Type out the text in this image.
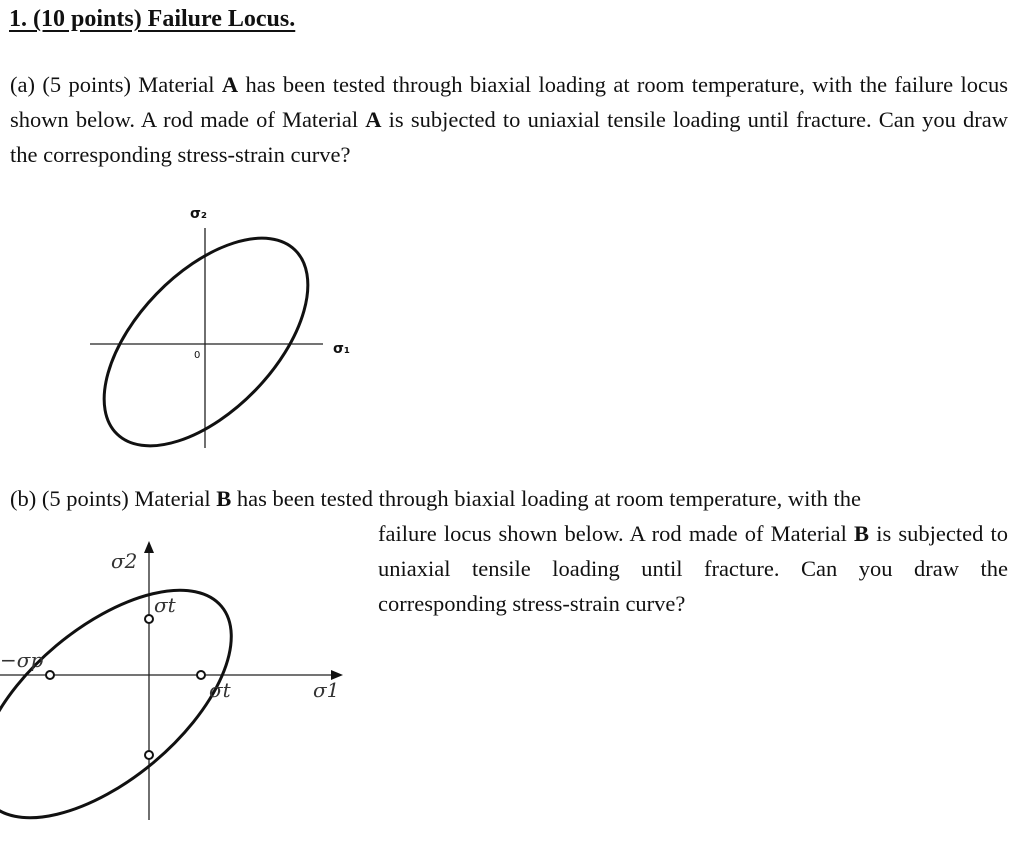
1. (10 points) Failure Locus.

(a) (5 points) Material A has been tested through biaxial loading at room temperature, with the failure locus shown below. A rod made of Material A is subjected to uniaxial tensile loading until fracture. Can you draw the corresponding stress-strain curve?

σ₂
σ₁
0

(b) (5 points) Material B has been tested through biaxial loading at room temperature, with the

failure locus shown below. A rod made of Material B is subjected to uniaxial tensile loading until fracture. Can you draw the corresponding stress-strain curve?

σ2
σt
σt	σ1
−σp
